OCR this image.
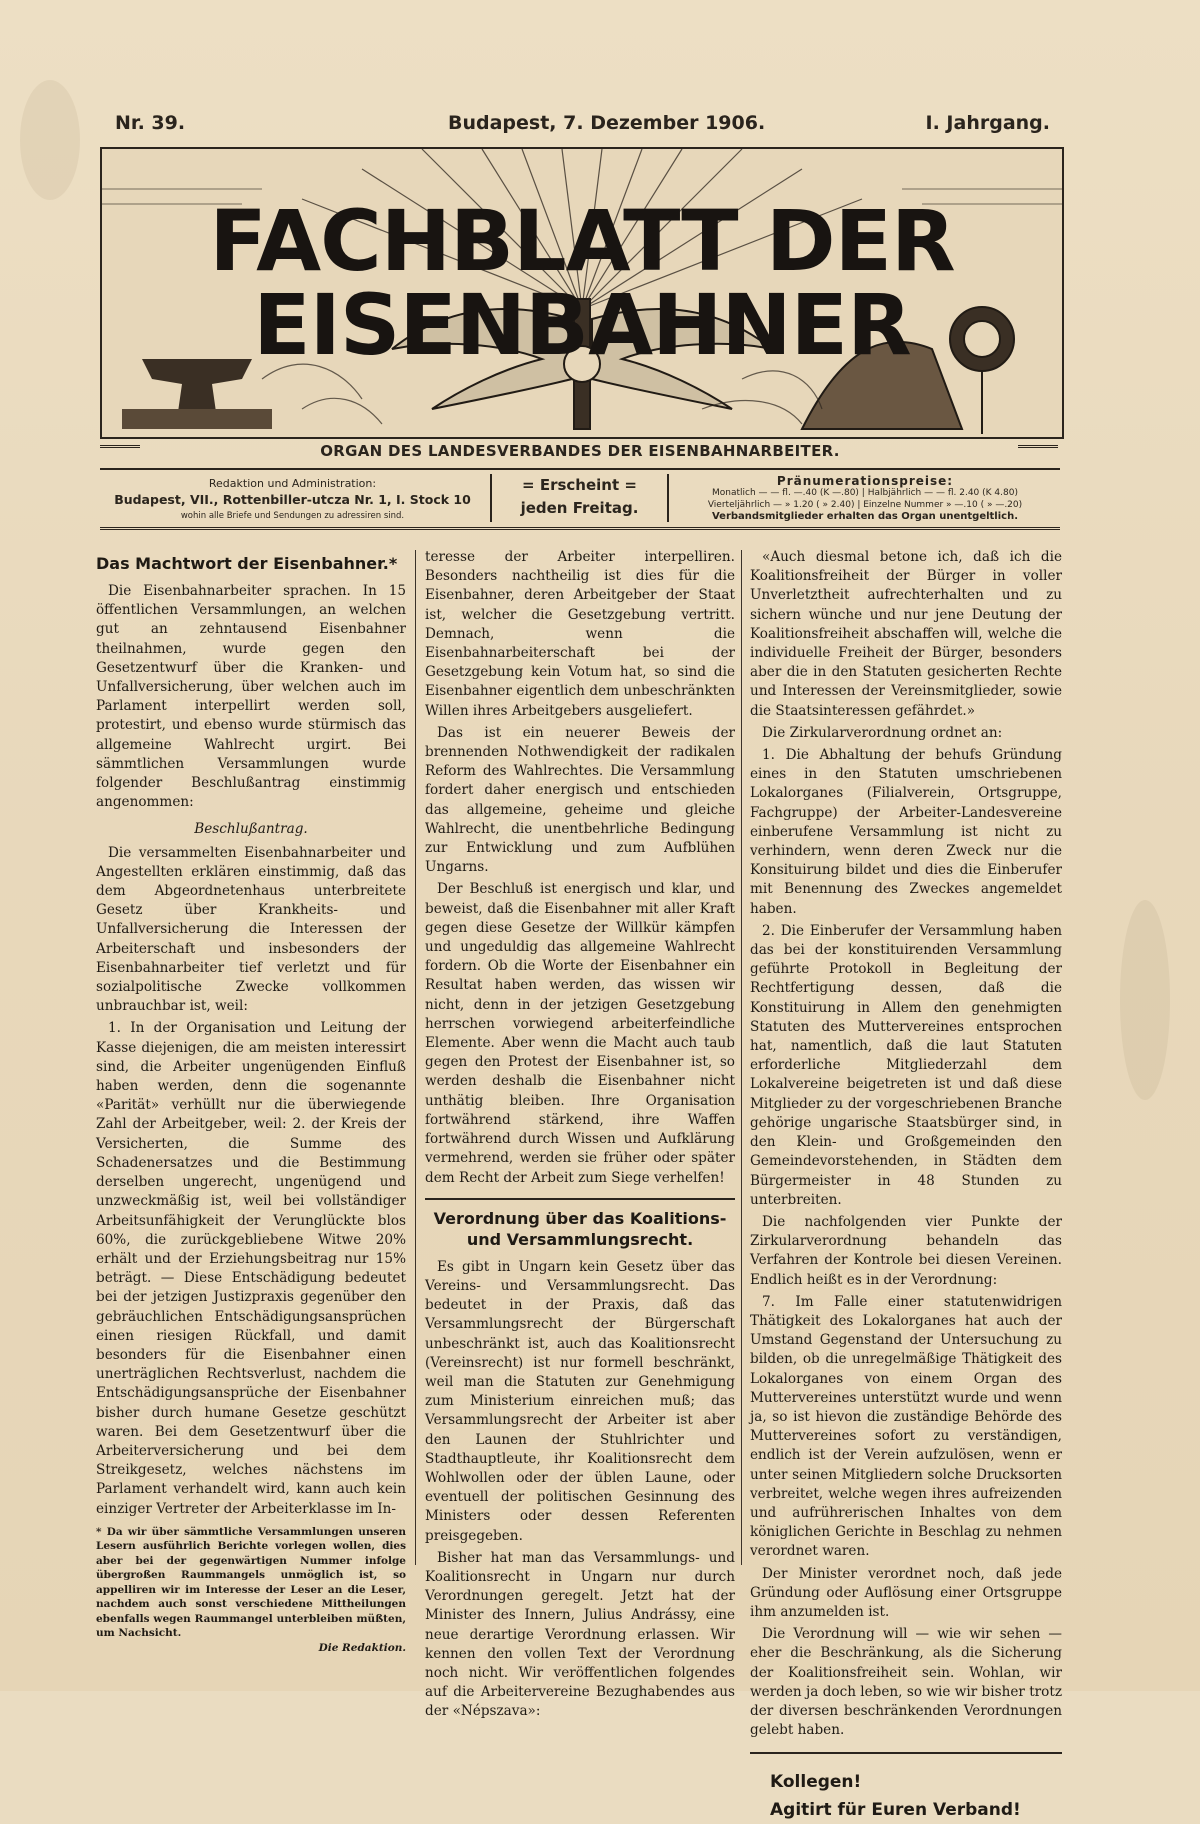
Nr. 39.	Budapest, 7. Dezember 1906.	I. Jahrgang.
FACHBLATT DER EISENBAHNER
ORGAN DES LANDESVERBANDES DER EISENBAHNARBEITER.
Redaktion und Administration:
Budapest, VII., Rottenbiller-utcza Nr. 1, I. Stock 10
wohin alle Briefe und Sendungen zu adressiren sind.
= Erscheint =
jeden Freitag.
Pränumerationspreise:
Monatlich — — fl. —.40 (K —.80) | Halbjährlich — — fl. 2.40 (K 4.80)
Vierteljährlich — » 1.20 ( » 2.40) | Einzelne Nummer » —.10 ( » —.20)
Verbandsmitglieder erhalten das Organ unentgeltlich.
Das Machtwort der Eisenbahner.*

Die Eisenbahnarbeiter sprachen. In 15 öffentlichen Versammlungen, an welchen gut an zehntausend Eisenbahner theilnahmen, wurde gegen den Gesetzentwurf über die Kranken- und Unfallversicherung, über welchen auch im Parlament interpellirt werden soll, protestirt, und ebenso wurde stürmisch das allgemeine Wahlrecht urgirt. Bei sämmtlichen Versammlungen wurde folgender Beschlußantrag einstimmig angenommen:

Beschlußantrag.

Die versammelten Eisenbahnarbeiter und Angestellten erklären einstimmig, daß das dem Abgeordnetenhaus unterbreitete Gesetz über Krankheits- und Unfallversicherung die Interessen der Arbeiterschaft und insbesonders der Eisenbahnarbeiter tief verletzt und für sozialpolitische Zwecke vollkommen unbrauchbar ist, weil:

1. In der Organisation und Leitung der Kasse diejenigen, die am meisten interessirt sind, die Arbeiter ungenügenden Einfluß haben werden, denn die sogenannte «Parität» verhüllt nur die überwiegende Zahl der Arbeitgeber, weil: 2. der Kreis der Versicherten, die Summe des Schadenersatzes und die Bestimmung derselben ungerecht, ungenügend und unzweckmäßig ist, weil bei vollständiger Arbeitsunfähigkeit der Verunglückte blos 60%, die zurückgebliebene Witwe 20% erhält und der Erziehungsbeitrag nur 15% beträgt. — Diese Entschädigung bedeutet bei der jetzigen Justizpraxis gegenüber den gebräuchlichen Entschädigungsansprüchen einen riesigen Rückfall, und damit besonders für die Eisenbahner einen unerträglichen Rechtsverlust, nachdem die Entschädigungsansprüche der Eisenbahner bisher durch humane Gesetze geschützt waren. Bei dem Gesetzentwurf über die Arbeiterversicherung und bei dem Streikgesetz, welches nächstens im Parlament verhandelt wird, kann auch kein einziger Vertreter der Arbeiterklasse im In-

* Da wir über sämmtliche Versammlungen unseren Lesern ausführlich Berichte vorlegen wollen, dies aber bei der gegenwärtigen Nummer infolge übergroßen Raummangels unmöglich ist, so appelliren wir im Interesse der Leser an die Leser, nachdem auch sonst verschiedene Mittheilungen ebenfalls wegen Raummangel unterbleiben müßten, um Nachsicht.
Die Redaktion.

teresse der Arbeiter interpelliren. Besonders nachtheilig ist dies für die Eisenbahner, deren Arbeitgeber der Staat ist, welcher die Gesetzgebung vertritt. Demnach, wenn die Eisenbahnarbeiterschaft bei der Gesetzgebung kein Votum hat, so sind die Eisenbahner eigentlich dem unbeschränkten Willen ihres Arbeitgebers ausgeliefert.

Das ist ein neuerer Beweis der brennenden Nothwendigkeit der radikalen Reform des Wahlrechtes. Die Versammlung fordert daher energisch und entschieden das allgemeine, geheime und gleiche Wahlrecht, die unentbehrliche Bedingung zur Entwicklung und zum Aufblühen Ungarns.

Der Beschluß ist energisch und klar, und beweist, daß die Eisenbahner mit aller Kraft gegen diese Gesetze der Willkür kämpfen und ungeduldig das allgemeine Wahlrecht fordern. Ob die Worte der Eisenbahner ein Resultat haben werden, das wissen wir nicht, denn in der jetzigen Gesetzgebung herrschen vorwiegend arbeiterfeindliche Elemente. Aber wenn die Macht auch taub gegen den Protest der Eisenbahner ist, so werden deshalb die Eisenbahner nicht unthätig bleiben. Ihre Organisation fortwährend stärkend, ihre Waffen fortwährend durch Wissen und Aufklärung vermehrend, werden sie früher oder später dem Recht der Arbeit zum Siege verhelfen!

Verordnung über das Koalitions- und Versammlungsrecht.

Es gibt in Ungarn kein Gesetz über das Vereins- und Versammlungsrecht. Das bedeutet in der Praxis, daß das Versammlungsrecht der Bürgerschaft unbeschränkt ist, auch das Koalitionsrecht (Vereinsrecht) ist nur formell beschränkt, weil man die Statuten zur Genehmigung zum Ministerium einreichen muß; das Versammlungsrecht der Arbeiter ist aber den Launen der Stuhlrichter und Stadthauptleute, ihr Koalitionsrecht dem Wohlwollen oder der üblen Laune, oder eventuell der politischen Gesinnung des Ministers oder dessen Referenten preisgegeben.

Bisher hat man das Versammlungs- und Koalitionsrecht in Ungarn nur durch Verordnungen geregelt. Jetzt hat der Minister des Innern, Julius Andrássy, eine neue derartige Verordnung erlassen. Wir kennen den vollen Text der Verordnung noch nicht. Wir veröffentlichen folgendes auf die Arbeitervereine Bezughabendes aus der «Népszava»:

«Auch diesmal betone ich, daß ich die Koalitionsfreiheit der Bürger in voller Unverletztheit aufrechterhalten und zu sichern wünche und nur jene Deutung der Koalitionsfreiheit abschaffen will, welche die individuelle Freiheit der Bürger, besonders aber die in den Statuten gesicherten Rechte und Interessen der Vereinsmitglieder, sowie die Staatsinteressen gefährdet.»

Die Zirkularverordnung ordnet an:

1. Die Abhaltung der behufs Gründung eines in den Statuten umschriebenen Lokalorganes (Filialverein, Ortsgruppe, Fachgruppe) der Arbeiter-Landesvereine einberufene Versammlung ist nicht zu verhindern, wenn deren Zweck nur die Konsituirung bildet und dies die Einberufer mit Benennung des Zweckes angemeldet haben.

2. Die Einberufer der Versammlung haben das bei der konstituirenden Versammlung geführte Protokoll in Begleitung der Rechtfertigung dessen, daß die Konstituirung in Allem den genehmigten Statuten des Muttervereines entsprochen hat, namentlich, daß die laut Statuten erforderliche Mitgliederzahl dem Lokalvereine beigetreten ist und daß diese Mitglieder zu der vorgeschriebenen Branche gehörige ungarische Staatsbürger sind, in den Klein- und Großgemeinden den Gemeindevorstehenden, in Städten dem Bürgermeister in 48 Stunden zu unterbreiten.

Die nachfolgenden vier Punkte der Zirkularverordnung behandeln das Verfahren der Kontrole bei diesen Vereinen. Endlich heißt es in der Verordnung:

7. Im Falle einer statutenwidrigen Thätigkeit des Lokalorganes hat auch der Umstand Gegenstand der Untersuchung zu bilden, ob die unregelmäßige Thätigkeit des Lokalorganes von einem Organ des Muttervereines unterstützt wurde und wenn ja, so ist hievon die zuständige Behörde des Muttervereines sofort zu verständigen, endlich ist der Verein aufzulösen, wenn er unter seinen Mitgliedern solche Drucksorten verbreitet, welche wegen ihres aufreizenden und aufrührerischen Inhaltes von dem königlichen Gerichte in Beschlag zu nehmen verordnet waren.

Der Minister verordnet noch, daß jede Gründung oder Auflösung einer Ortsgruppe ihm anzumelden ist.

Die Verordnung will — wie wir sehen — eher die Beschränkung, als die Sicherung der Koalitionsfreiheit sein. Wohlan, wir werden ja doch leben, so wie wir bisher trotz der diversen beschränkenden Verordnungen gelebt haben.

Kollegen!
Agitirt für Euren Verband!
